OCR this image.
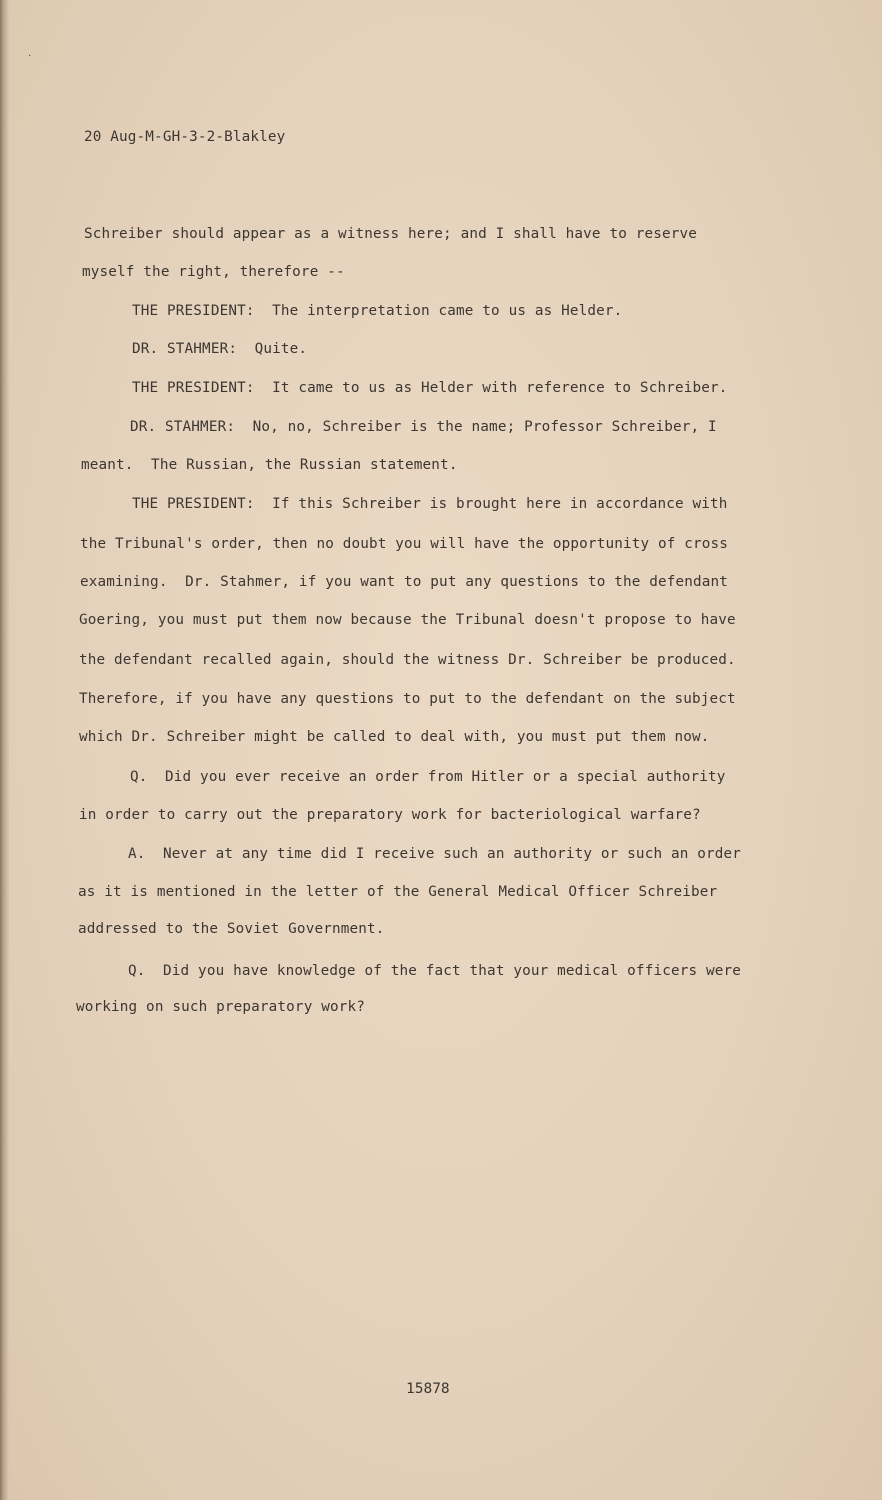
·

20 Aug-M-GH-3-2-Blakley

Schreiber should appear as a witness here; and I shall have to reserve

myself the right, therefore --

THE PRESIDENT:  The interpretation came to us as Helder.

DR. STAHMER:  Quite.

THE PRESIDENT:  It came to us as Helder with reference to Schreiber.

DR. STAHMER:  No, no, Schreiber is the name; Professor Schreiber, I

meant.  The Russian, the Russian statement.

THE PRESIDENT:  If this Schreiber is brought here in accordance with

the Tribunal's order, then no doubt you will have the opportunity of cross

examining.  Dr. Stahmer, if you want to put any questions to the defendant

Goering, you must put them now because the Tribunal doesn't propose to have

the defendant recalled again, should the witness Dr. Schreiber be produced.

Therefore, if you have any questions to put to the defendant on the subject

which Dr. Schreiber might be called to deal with, you must put them now.

Q.  Did you ever receive an order from Hitler or a special authority

in order to carry out the preparatory work for bacteriological warfare?

A.  Never at any time did I receive such an authority or such an order

as it is mentioned in the letter of the General Medical Officer Schreiber

addressed to the Soviet Government.

Q.  Did you have knowledge of the fact that your medical officers were

working on such preparatory work?

15878
